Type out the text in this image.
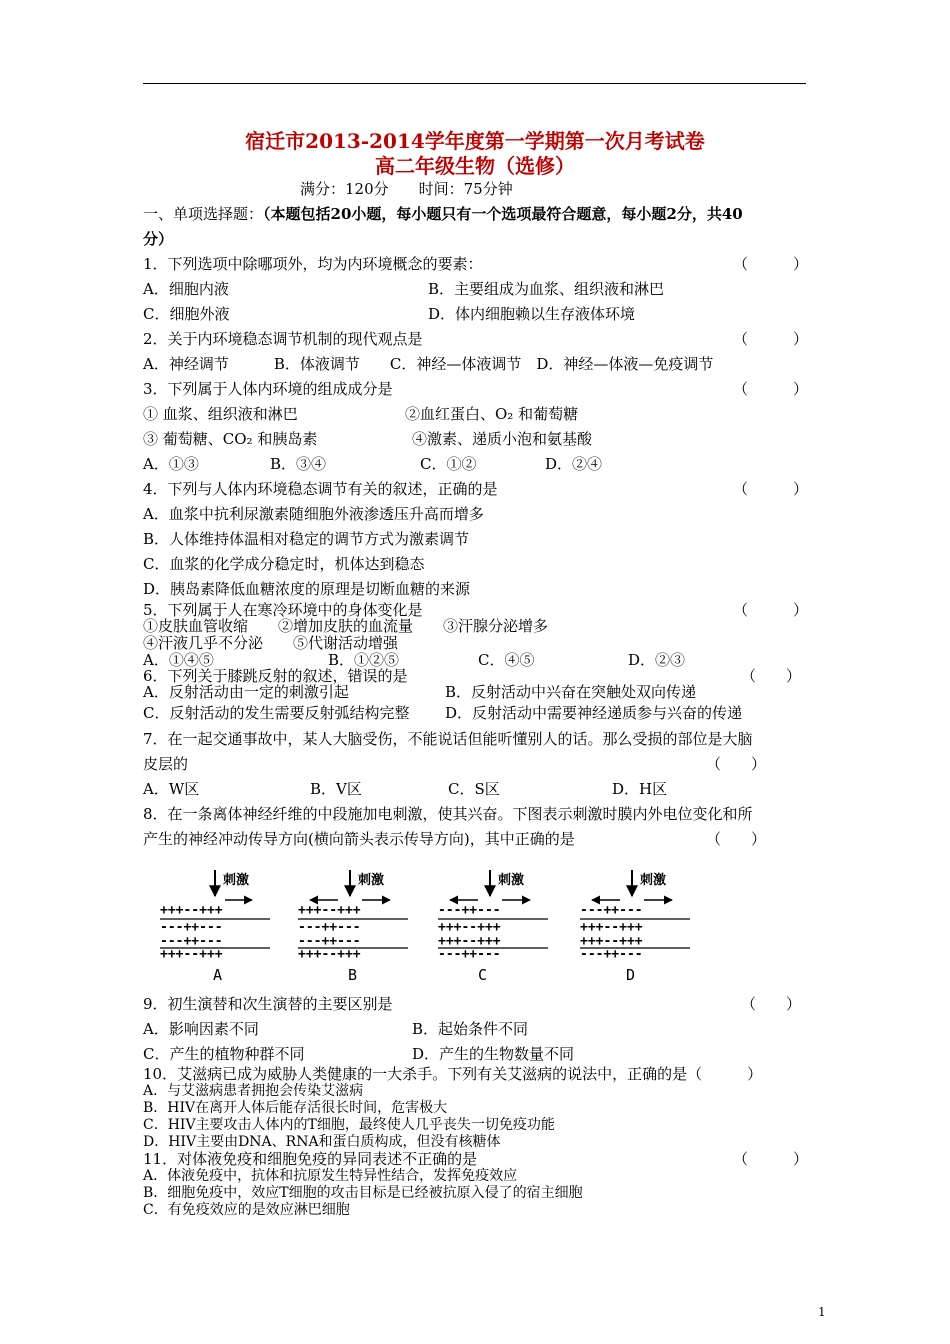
宿迁市2013-2014学年度第一学期第一次月考试卷
高二年级生物（选修）
满分：120分　　时间：75分钟
一、单项选择题：（本题包括20小题，每小题只有一个选项最符合题意，每小题2分，共40
分）
1．下列选项中除哪项外，均为内环境概念的要素：	（　　　）
A．细胞内液	B．主要组成为血浆、组织液和淋巴
C．细胞外液	D．体内细胞赖以生存液体环境
2．关于内环境稳态调节机制的现代观点是	（　　　）
A．神经调节　　　B．体液调节　　C．神经—体液调节　D．神经—体液—免疫调节
3．下列属于人体内环境的组成成分是	（　　　）
① 血浆、组织液和淋巴	②血红蛋白、O₂ 和葡萄糖
③ 葡萄糖、CO₂ 和胰岛素	④激素、递质小泡和氨基酸
A．①③	B．③④	C．①②	D．②④
4．下列与人体内环境稳态调节有关的叙述，正确的是	（　　　）
A．血浆中抗利尿激素随细胞外液渗透压升高而增多
B．人体维持体温相对稳定的调节方式为激素调节
C．血浆的化学成分稳定时，机体达到稳态
D．胰岛素降低血糖浓度的原理是切断血糖的来源
5．下列属于人在寒冷环境中的身体变化是	（　　　）
①皮肤血管收缩　　②增加皮肤的血流量　　③汗腺分泌增多
④汗液几乎不分泌　　⑤代谢活动增强
A．①④⑤	B．①②⑤	C．④⑤	D．②③
6．下列关于膝跳反射的叙述，错误的是	（　　）
A．反射活动由一定的刺激引起	B．反射活动中兴奋在突触处双向传递
C．反射活动的发生需要反射弧结构完整 D．反射活动中需要神经递质参与兴奋的传递
7．在一起交通事故中，某人大脑受伤，不能说话但能听懂别人的话。那么受损的部位是大脑
皮层的	（　　）
A．W区	B．V区	C．S区	D．H区
8．在一条离体神经纤维的中段施加电刺激，使其兴奋。下图表示刺激时膜内外电位变化和所
产生的神经冲动传导方向(横向箭头表示传导方向)，其中正确的是	（　　）
刺激
+++--+++
---++---
---++---
+++--+++
A
刺激
+++--+++
---++---
---++---
+++--+++
B
刺激
---++---
+++--+++
+++--+++
---++---
C
刺激
---++---
+++--+++
+++--+++
---++---
D
9．初生演替和次生演替的主要区别是	（　　）
A．影响因素不同	B．起始条件不同
C．产生的植物种群不同	D．产生的生物数量不同
10．艾滋病已成为威胁人类健康的一大杀手。下列有关艾滋病的说法中，正确的是（　　　）
A．与艾滋病患者拥抱会传染艾滋病
B．HIV在离开人体后能存活很长时间，危害极大
C．HIV主要攻击人体内的T细胞，最终使人几乎丧失一切免疫功能
D．HIV主要由DNA、RNA和蛋白质构成，但没有核糖体
11．对体液免疫和细胞免疫的异同表述不正确的是	（　　　）
A．体液免疫中，抗体和抗原发生特异性结合，发挥免疫效应
B．细胞免疫中，效应T细胞的攻击目标是已经被抗原入侵了的宿主细胞
C．有免疫效应的是效应淋巴细胞
1
